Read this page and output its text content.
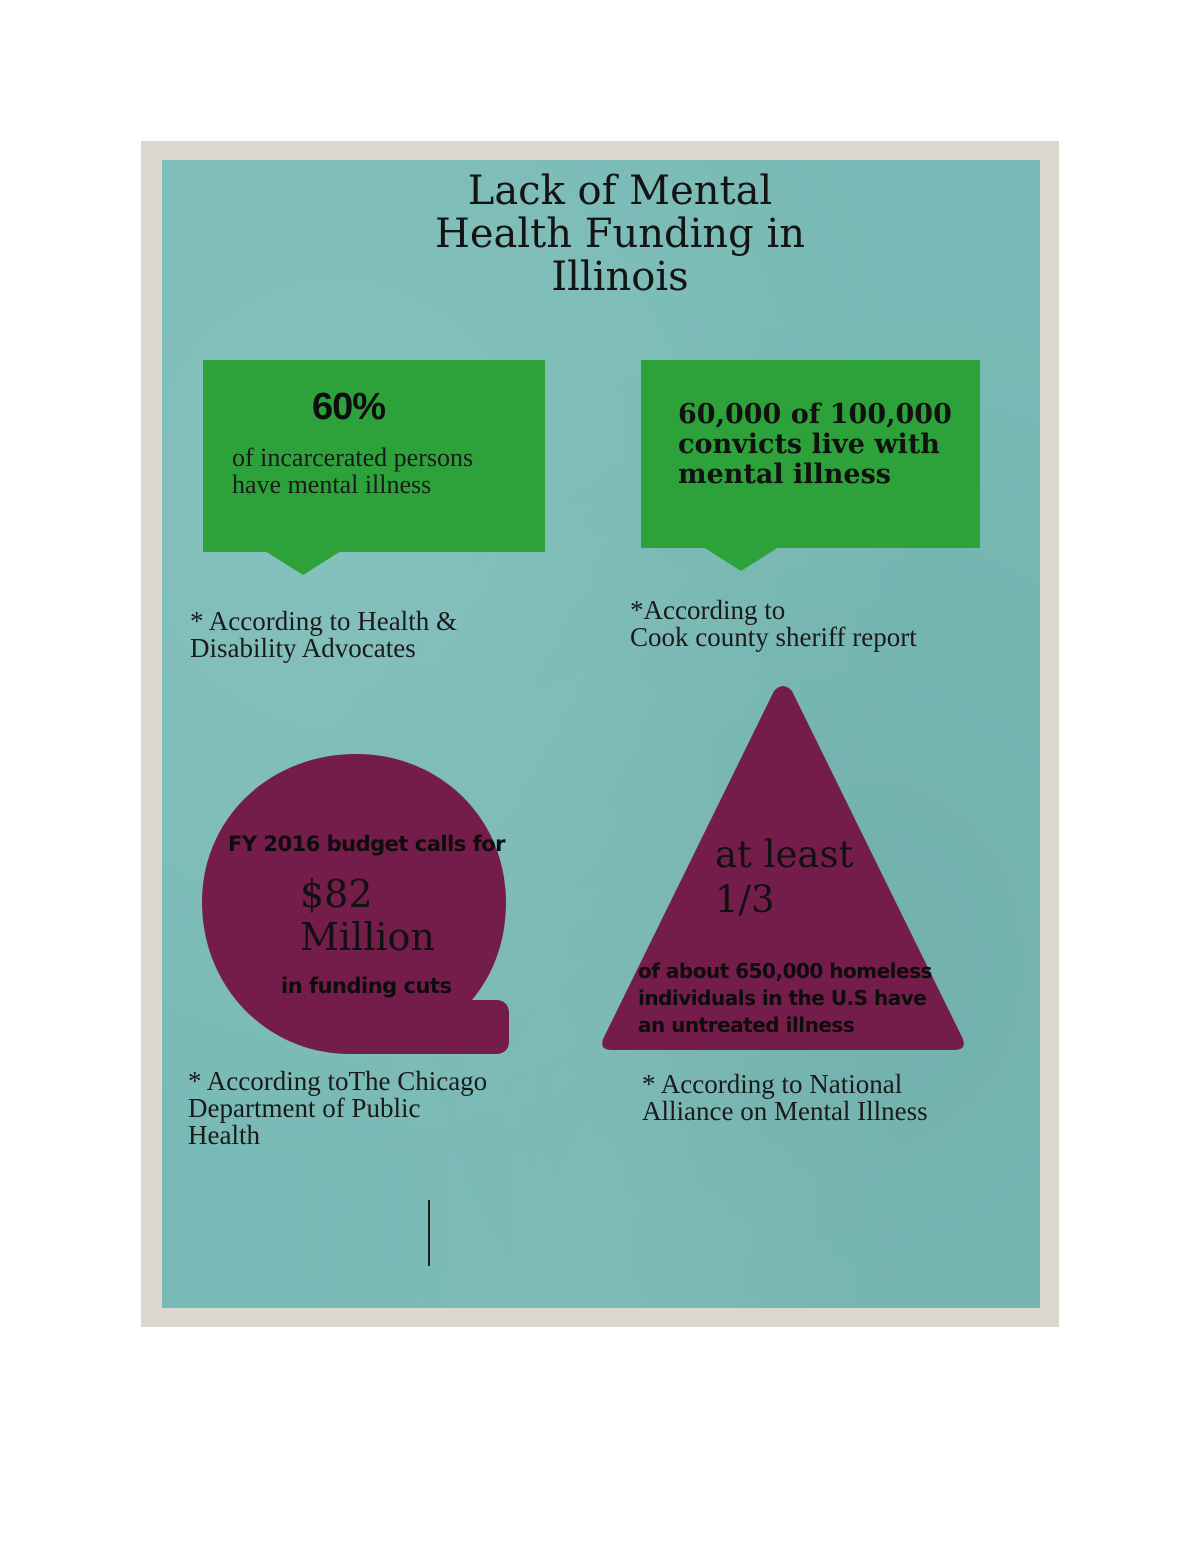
Lack of Mental
Health Funding in
Illinois
60%
of incarcerated persons
have mental illness
* According to Health &
Disability Advocates
60,000 of 100,000
convicts live with
mental illness
*According to
Cook county sheriff report
FY 2016 budget calls for
$82
Million
in funding cuts
* According toThe Chicago
Department of Public
Health
at least
1/3
of about 650,000 homeless
individuals in the U.S have
an untreated illness
* According to National
Alliance on Mental Illness
